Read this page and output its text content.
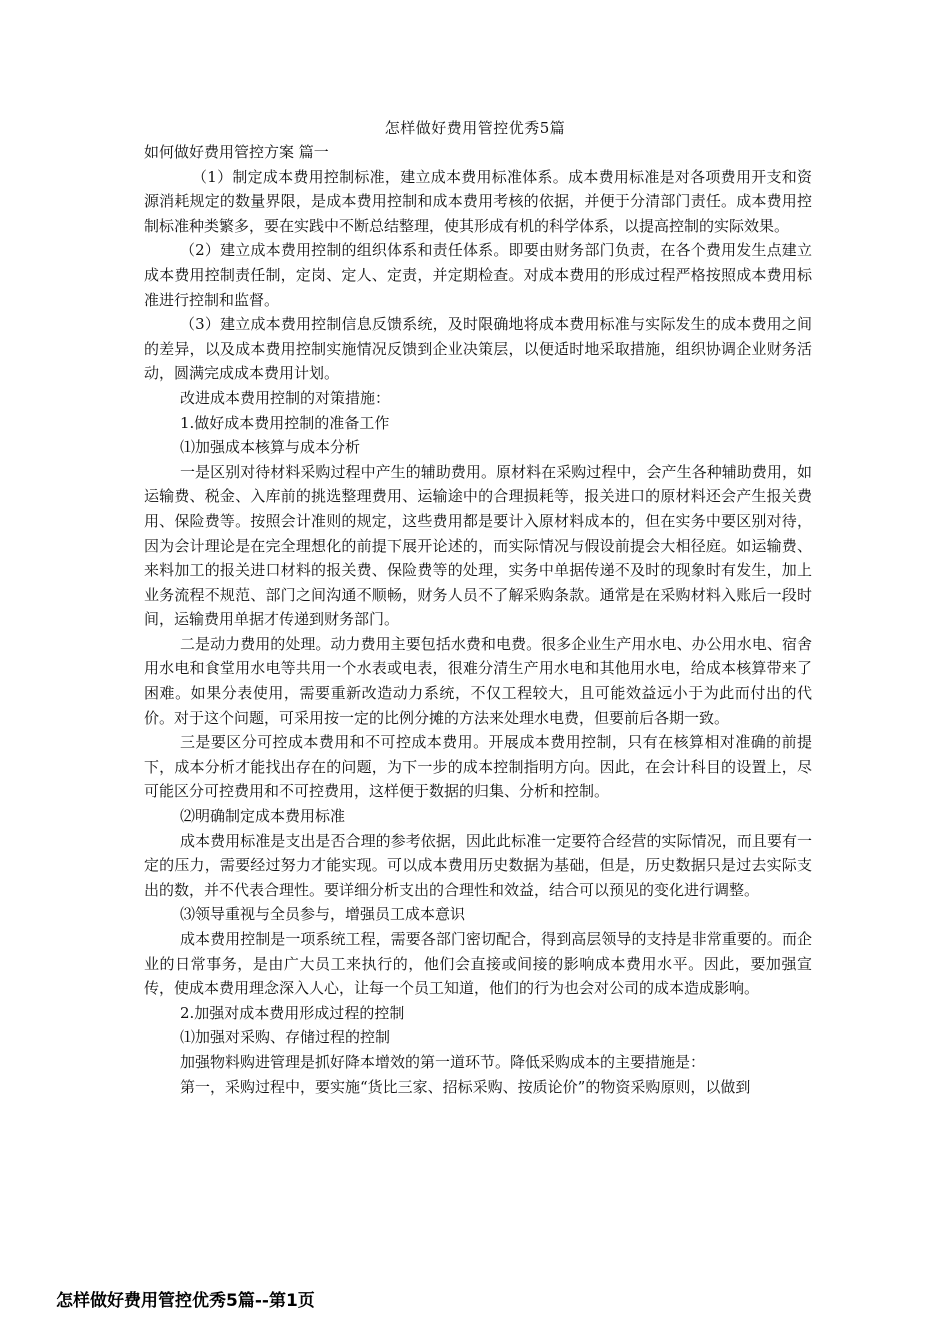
怎样做好费用管控优秀5篇

如何做好费用管控方案 篇一

（1）制定成本费用控制标准，建立成本费用标准体系。成本费用标准是对各项费用开支和资源消耗规定的数量界限，是成本费用控制和成本费用考核的依据，并便于分清部门责任。成本费用控制标准种类繁多，要在实践中不断总结整理，使其形成有机的科学体系，以提高控制的实际效果。

（2）建立成本费用控制的组织体系和责任体系。即要由财务部门负责，在各个费用发生点建立成本费用控制责任制，定岗、定人、定责，并定期检查。对成本费用的形成过程严格按照成本费用标准进行控制和监督。

（3）建立成本费用控制信息反馈系统，及时限确地将成本费用标准与实际发生的成本费用之间的差异，以及成本费用控制实施情况反馈到企业决策层，以便适时地采取措施，组织协调企业财务活动，圆满完成成本费用计划。

改进成本费用控制的对策措施：

1.做好成本费用控制的准备工作

⑴加强成本核算与成本分析

一是区别对待材料采购过程中产生的辅助费用。原材料在采购过程中，会产生各种辅助费用，如运输费、税金、入库前的挑选整理费用、运输途中的合理损耗等，报关进口的原材料还会产生报关费用、保险费等。按照会计准则的规定，这些费用都是要计入原材料成本的，但在实务中要区别对待，因为会计理论是在完全理想化的前提下展开论述的，而实际情况与假设前提会大相径庭。如运输费、来料加工的报关进口材料的报关费、保险费等的处理，实务中单据传递不及时的现象时有发生，加上业务流程不规范、部门之间沟通不顺畅，财务人员不了解采购条款。通常是在采购材料入账后一段时间，运输费用单据才传递到财务部门。

二是动力费用的处理。动力费用主要包括水费和电费。很多企业生产用水电、办公用水电、宿舍用水电和食堂用水电等共用一个水表或电表，很难分清生产用水电和其他用水电，给成本核算带来了困难。如果分表使用，需要重新改造动力系统，不仅工程较大，且可能效益远小于为此而付出的代价。对于这个问题，可采用按一定的比例分摊的方法来处理水电费，但要前后各期一致。

三是要区分可控成本费用和不可控成本费用。开展成本费用控制，只有在核算相对准确的前提下，成本分析才能找出存在的问题，为下一步的成本控制指明方向。因此，在会计科目的设置上，尽可能区分可控费用和不可控费用，这样便于数据的归集、分析和控制。

⑵明确制定成本费用标准

成本费用标准是支出是否合理的参考依据，因此此标准一定要符合经营的实际情况，而且要有一定的压力，需要经过努力才能实现。可以成本费用历史数据为基础，但是，历史数据只是过去实际支出的数，并不代表合理性。要详细分析支出的合理性和效益，结合可以预见的变化进行调整。

⑶领导重视与全员参与，增强员工成本意识

成本费用控制是一项系统工程，需要各部门密切配合，得到高层领导的支持是非常重要的。而企业的日常事务，是由广大员工来执行的，他们会直接或间接的影响成本费用水平。因此，要加强宣传，使成本费用理念深入人心，让每一个员工知道，他们的行为也会对公司的成本造成影响。

2.加强对成本费用形成过程的控制

⑴加强对采购、存储过程的控制

加强物料购进管理是抓好降本增效的第一道环节。降低采购成本的主要措施是：

第一，采购过程中，要实施“货比三家、招标采购、按质论价”的物资采购原则，以做到

怎样做好费用管控优秀5篇--第1页
